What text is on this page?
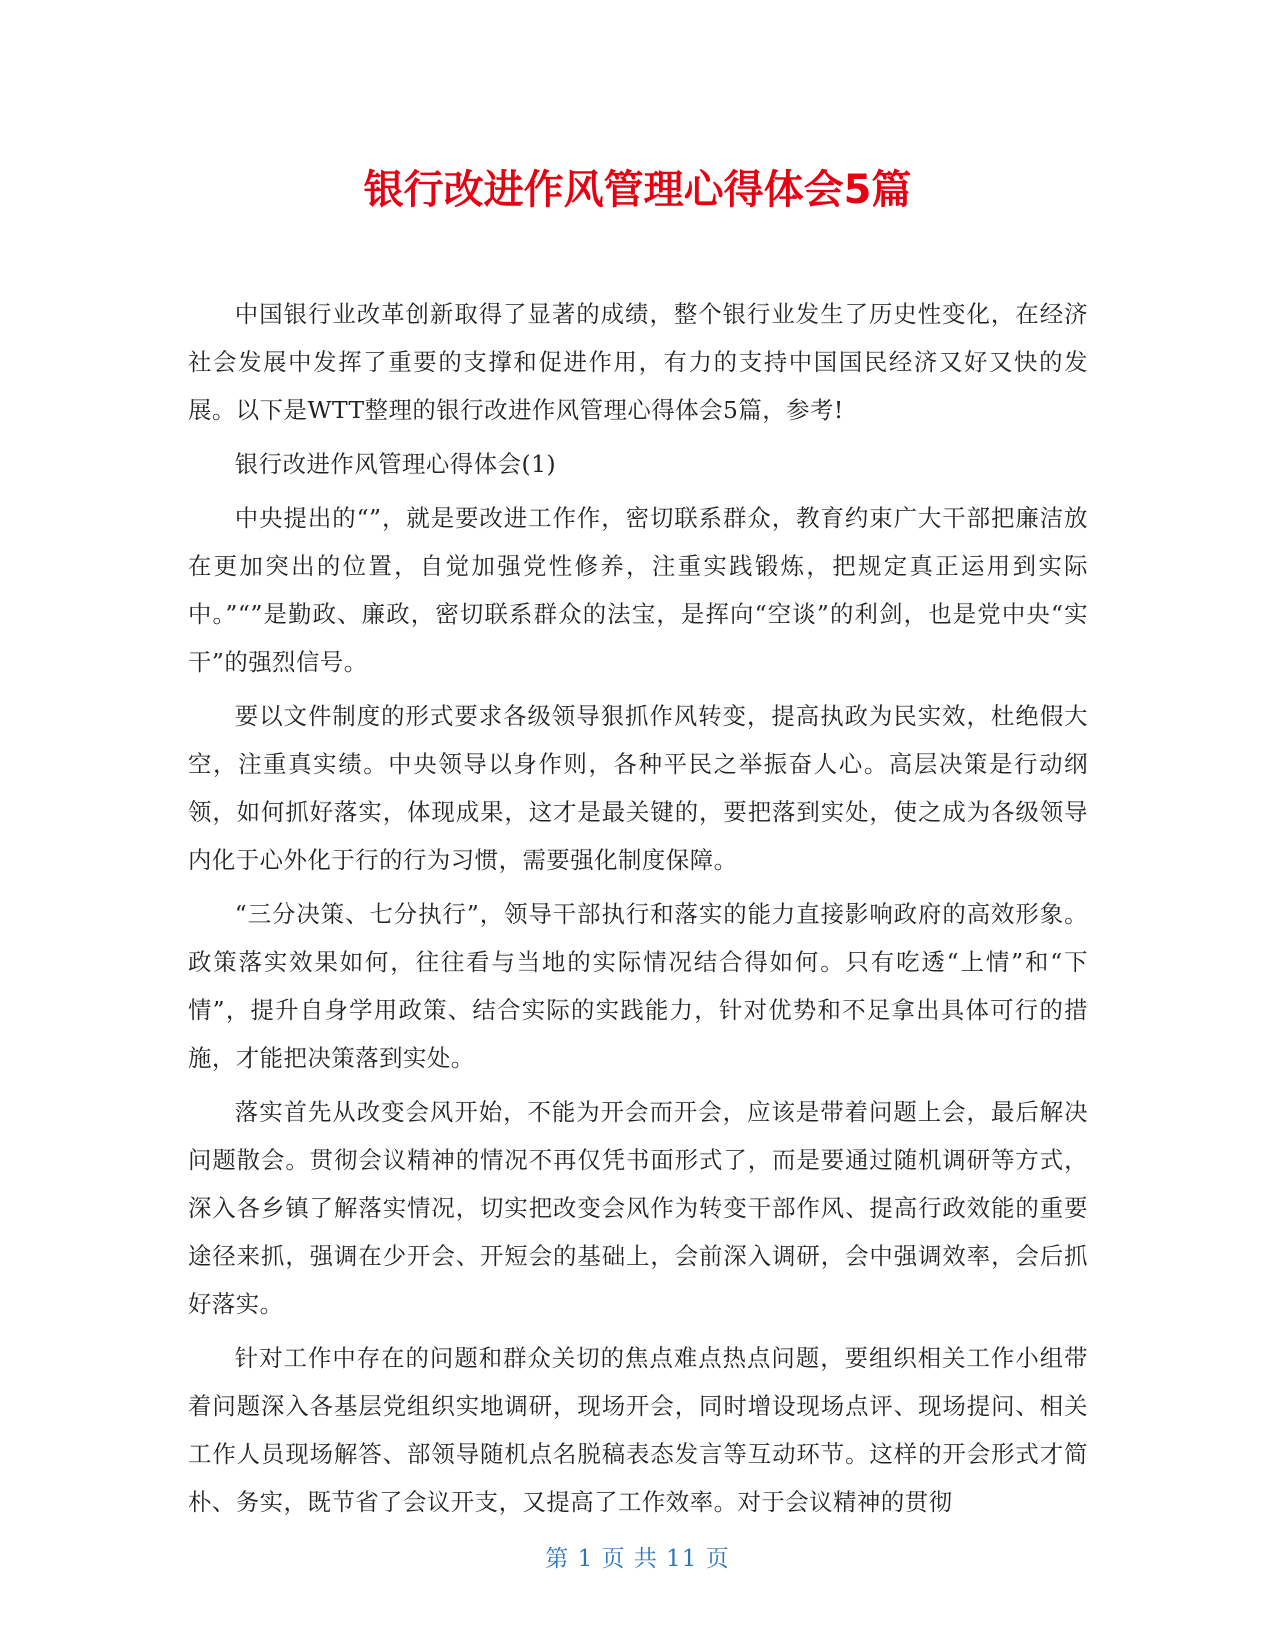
银行改进作风管理心得体会5篇

中国银行业改革创新取得了显著的成绩，整个银行业发生了历史性变化，在经济社会发展中发挥了重要的支撑和促进作用，有力的支持中国国民经济又好又快的发展。以下是WTT整理的银行改进作风管理心得体会5篇，参考!

银行改进作风管理心得体会(1)

中央提出的“”，就是要改进工作作，密切联系群众，教育约束广大干部把廉洁放在更加突出的位置，自觉加强党性修养，注重实践锻炼，把规定真正运用到实际中。”“”是勤政、廉政，密切联系群众的法宝，是挥向“空谈”的利剑，也是党中央“实干”的强烈信号。

要以文件制度的形式要求各级领导狠抓作风转变，提高执政为民实效，杜绝假大空，注重真实绩。中央领导以身作则，各种平民之举振奋人心。高层决策是行动纲领，如何抓好落实，体现成果，这才是最关键的，要把落到实处，使之成为各级领导内化于心外化于行的行为习惯，需要强化制度保障。

“三分决策、七分执行”，领导干部执行和落实的能力直接影响政府的高效形象。政策落实效果如何，往往看与当地的实际情况结合得如何。只有吃透“上情”和“下情”，提升自身学用政策、结合实际的实践能力，针对优势和不足拿出具体可行的措施，才能把决策落到实处。

落实首先从改变会风开始，不能为开会而开会，应该是带着问题上会，最后解决问题散会。贯彻会议精神的情况不再仅凭书面形式了，而是要通过随机调研等方式，深入各乡镇了解落实情况，切实把改变会风作为转变干部作风、提高行政效能的重要途径来抓，强调在少开会、开短会的基础上，会前深入调研，会中强调效率，会后抓好落实。

针对工作中存在的问题和群众关切的焦点难点热点问题，要组织相关工作小组带着问题深入各基层党组织实地调研，现场开会，同时增设现场点评、现场提问、相关工作人员现场解答、部领导随机点名脱稿表态发言等互动环节。这样的开会形式才简朴、务实，既节省了会议开支，又提高了工作效率。对于会议精神的贯彻

第 1 页 共 11 页
